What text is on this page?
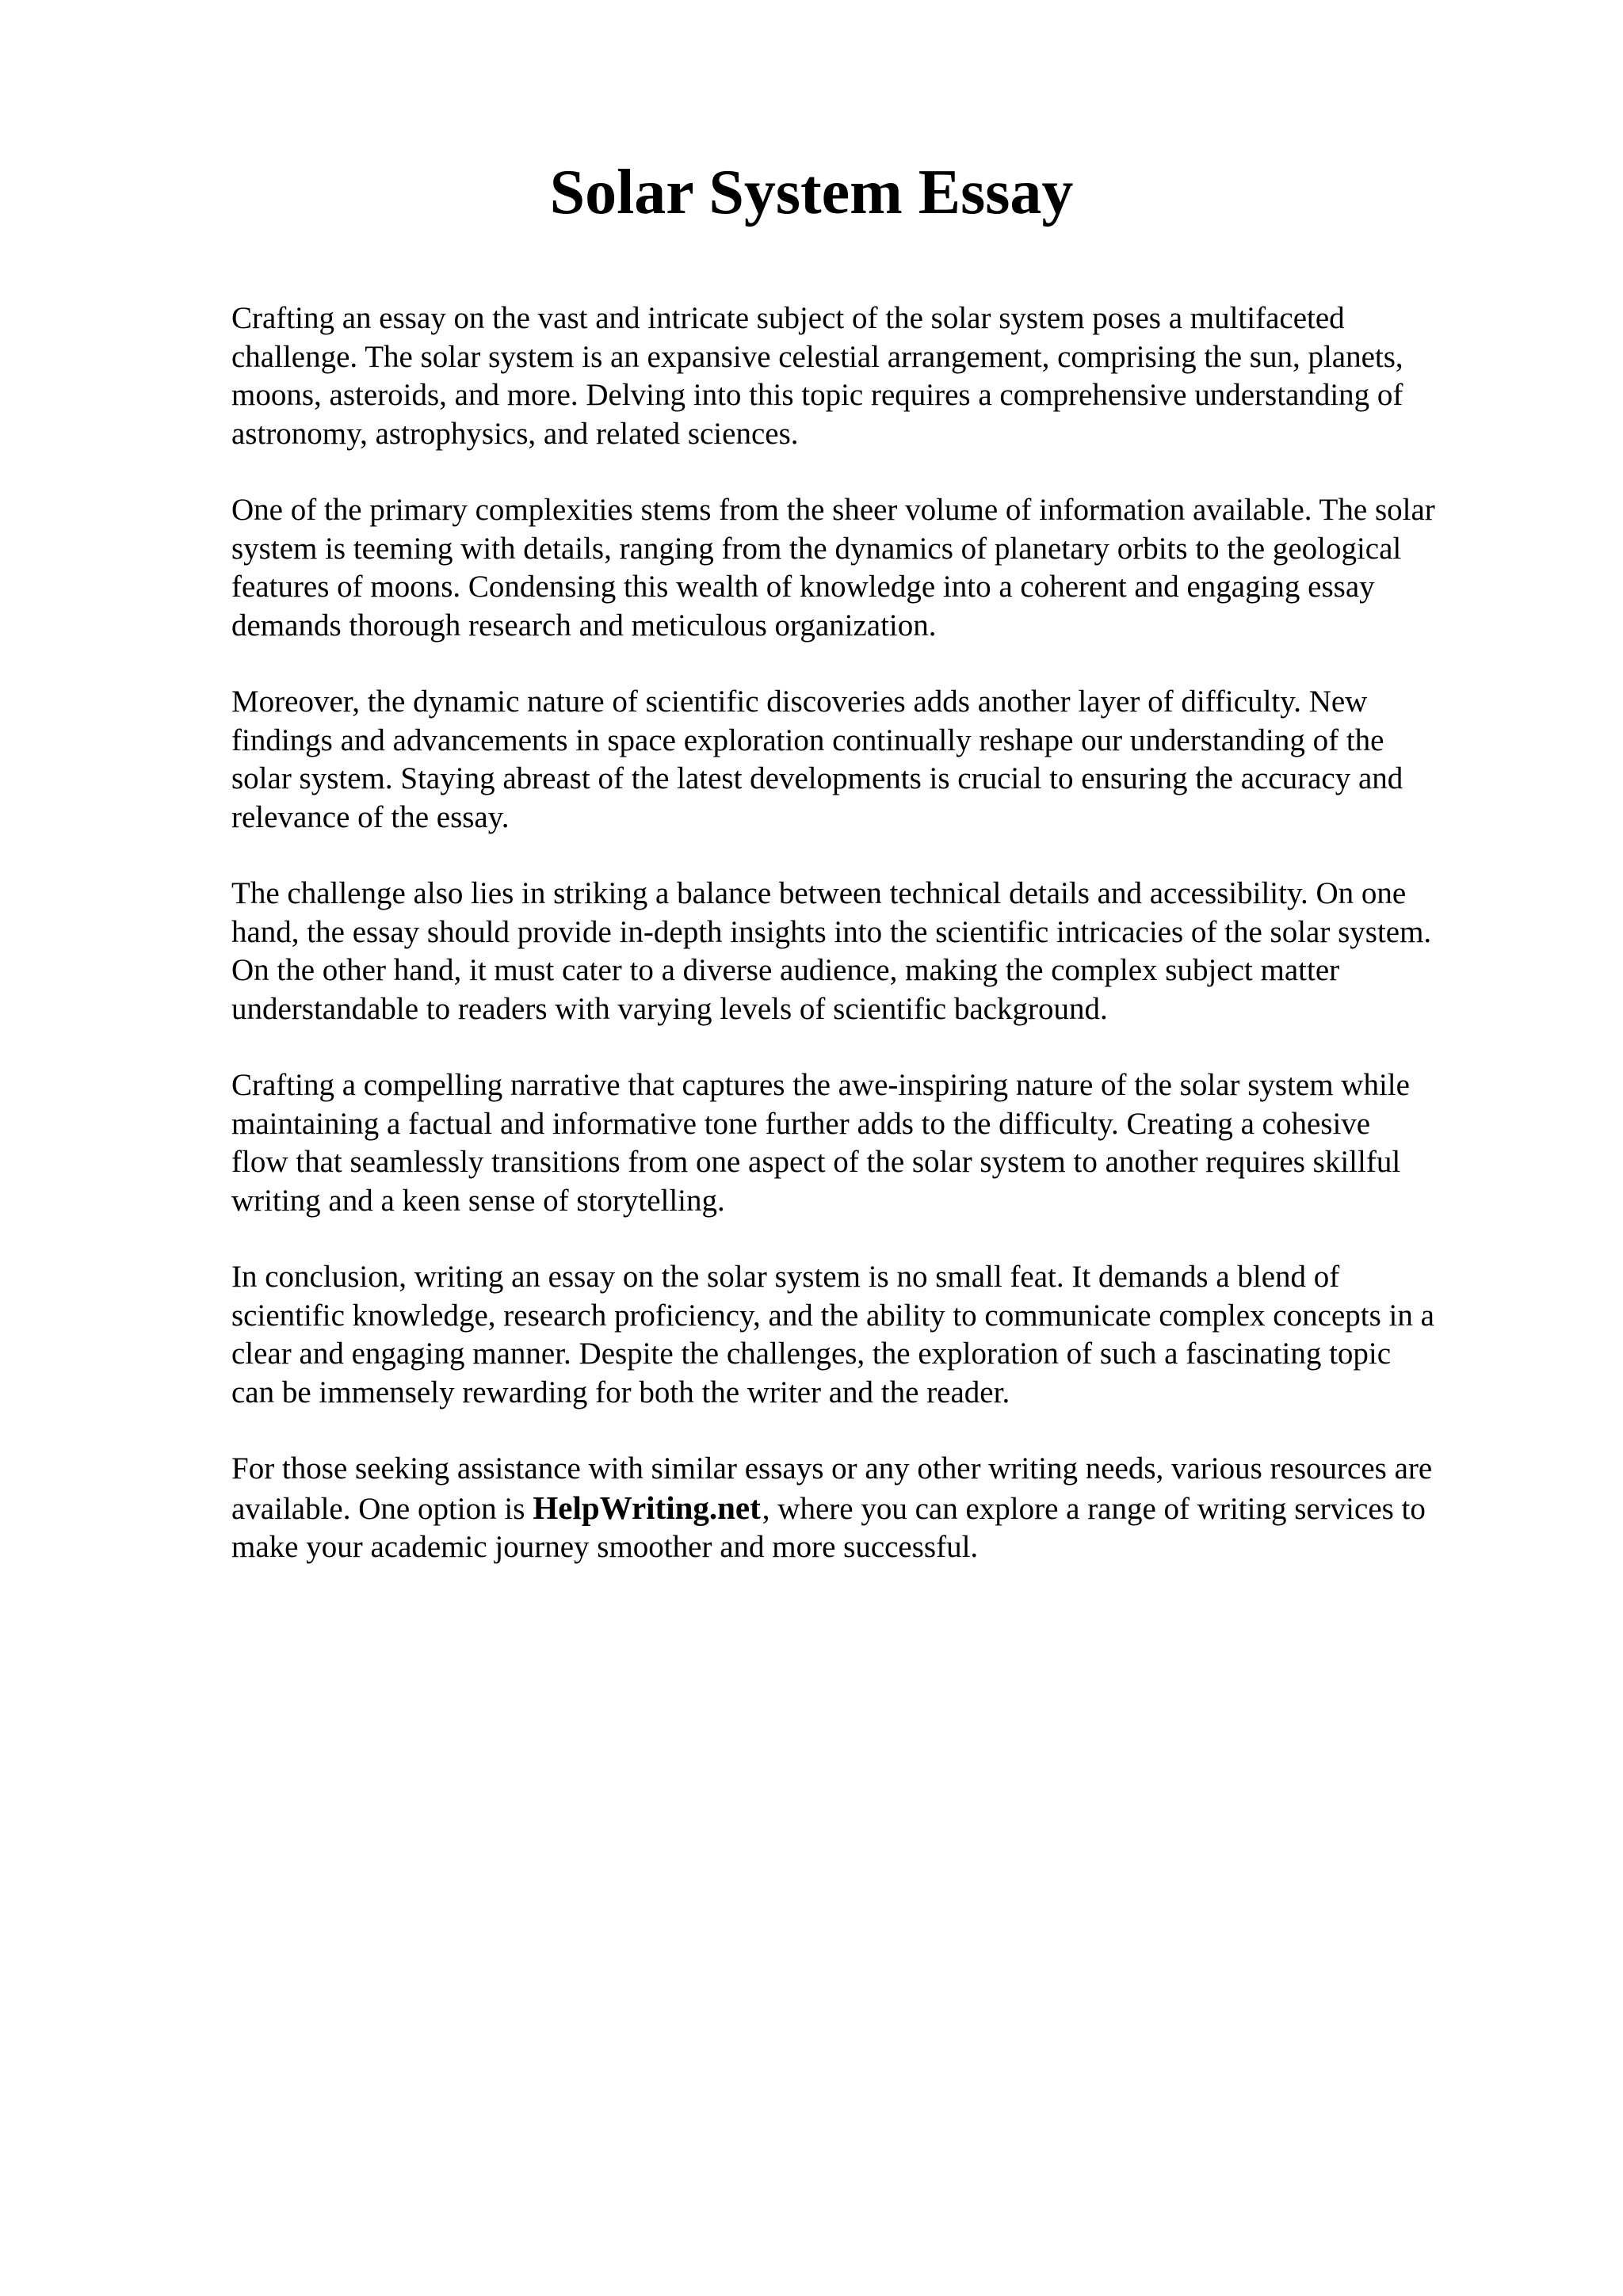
Solar System Essay

Crafting an essay on the vast and intricate subject of the solar system poses a multifaceted
challenge. The solar system is an expansive celestial arrangement, comprising the sun, planets,
moons, asteroids, and more. Delving into this topic requires a comprehensive understanding of
astronomy, astrophysics, and related sciences.

One of the primary complexities stems from the sheer volume of information available. The solar
system is teeming with details, ranging from the dynamics of planetary orbits to the geological
features of moons. Condensing this wealth of knowledge into a coherent and engaging essay
demands thorough research and meticulous organization.

Moreover, the dynamic nature of scientific discoveries adds another layer of difficulty. New
findings and advancements in space exploration continually reshape our understanding of the
solar system. Staying abreast of the latest developments is crucial to ensuring the accuracy and
relevance of the essay.

The challenge also lies in striking a balance between technical details and accessibility. On one
hand, the essay should provide in-depth insights into the scientific intricacies of the solar system.
On the other hand, it must cater to a diverse audience, making the complex subject matter
understandable to readers with varying levels of scientific background.

Crafting a compelling narrative that captures the awe-inspiring nature of the solar system while
maintaining a factual and informative tone further adds to the difficulty. Creating a cohesive
flow that seamlessly transitions from one aspect of the solar system to another requires skillful
writing and a keen sense of storytelling.

In conclusion, writing an essay on the solar system is no small feat. It demands a blend of
scientific knowledge, research proficiency, and the ability to communicate complex concepts in a
clear and engaging manner. Despite the challenges, the exploration of such a fascinating topic
can be immensely rewarding for both the writer and the reader.

For those seeking assistance with similar essays or any other writing needs, various resources are
available. One option is HelpWriting.net, where you can explore a range of writing services to
make your academic journey smoother and more successful.
